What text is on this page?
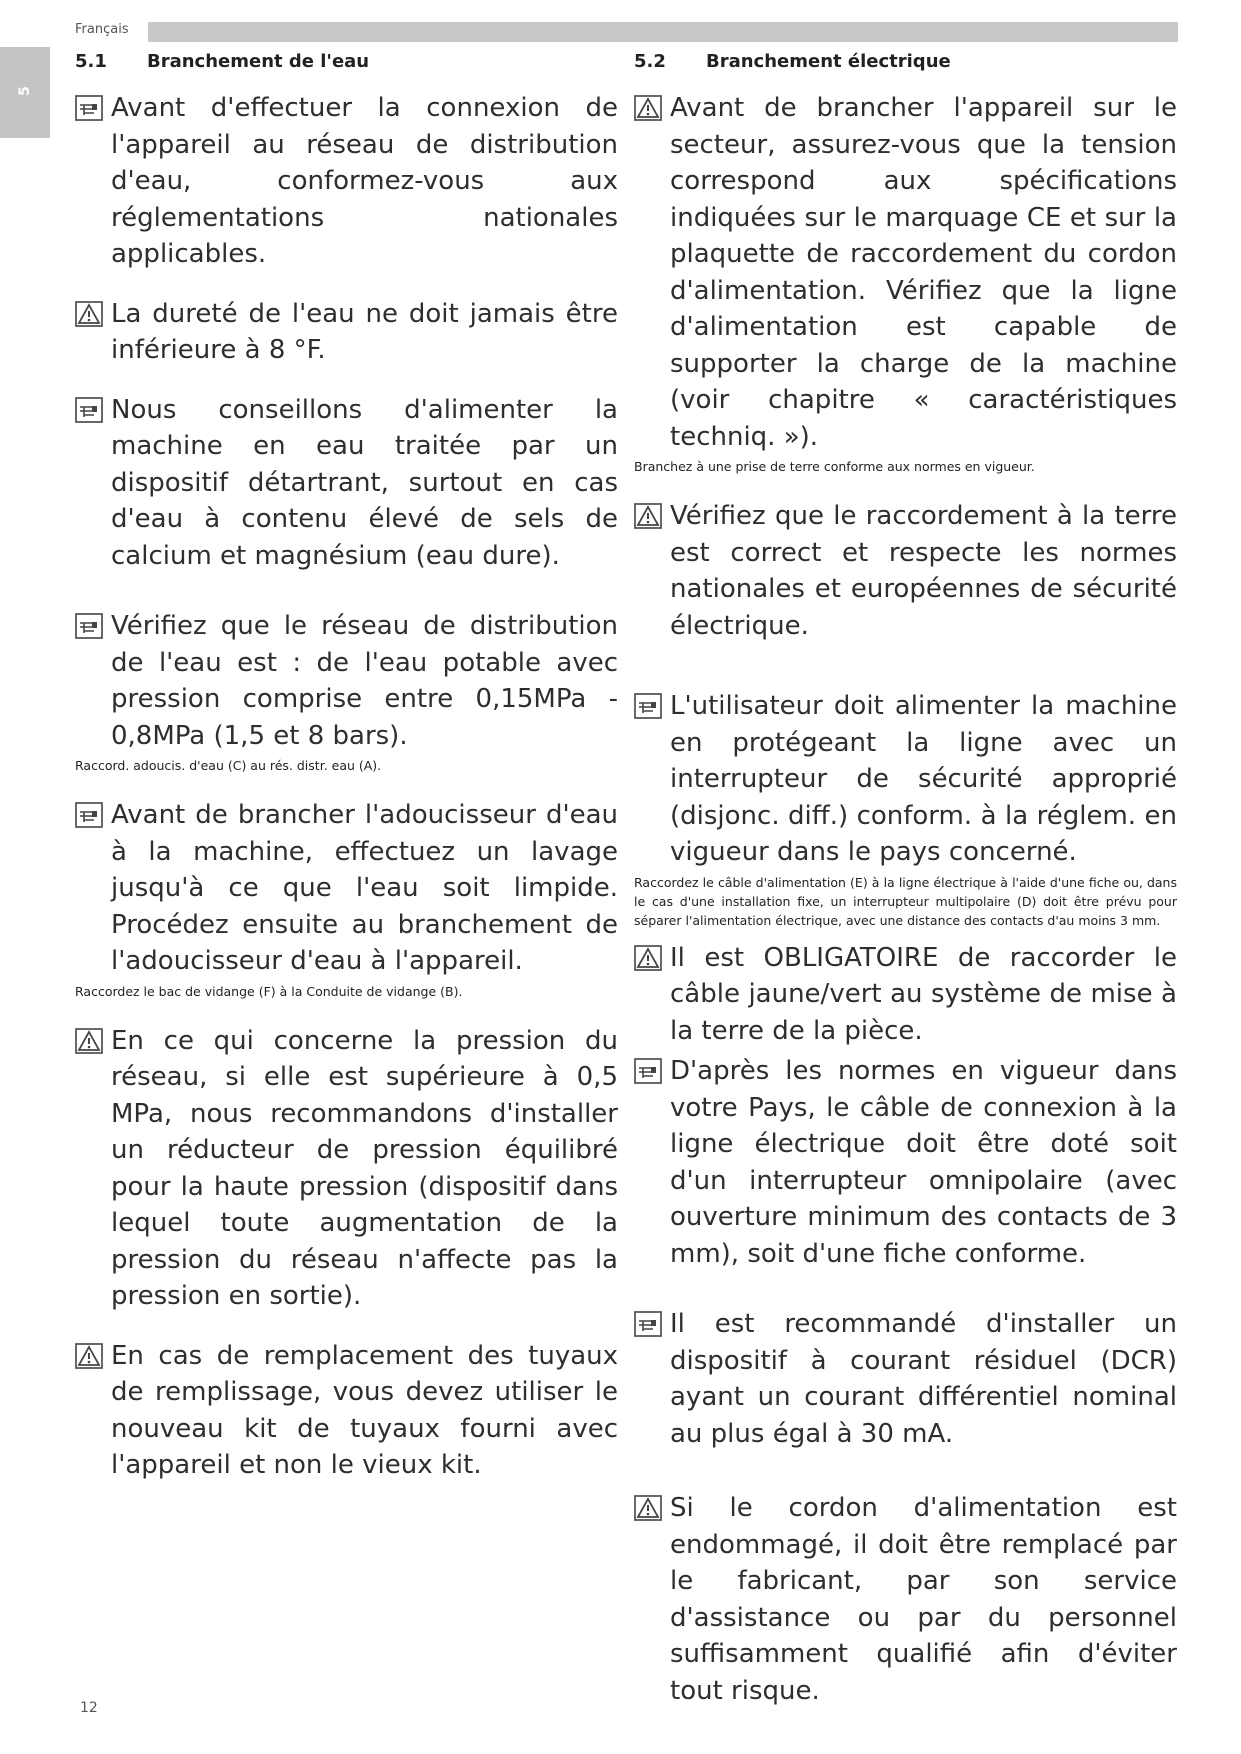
Français
5
5.1 Branchement de l'eau
Avant d'effectuer la connexion de l'appareil au réseau de distribution d'eau, conformez-vous aux réglementations nationales applicables.
La dureté de l'eau ne doit jamais être inférieure à 8 °F.
Nous conseillons d'alimenter la machine en eau traitée par un dispositif détartrant, surtout en cas d'eau à contenu élevé de sels de calcium et magnésium (eau dure).
Vérifiez que le réseau de distribution de l'eau est : de l'eau potable avec pression comprise entre 0,15MPa - 0,8MPa (1,5 et 8 bars).
Raccord. adoucis. d'eau (C) au rés. distr. eau (A).
Avant de brancher l'adoucisseur d'eau à la machine, effectuez un lavage jusqu'à ce que l'eau soit limpide. Procédez ensuite au branchement de l'adoucisseur d'eau à l'appareil.
Raccordez le bac de vidange (F) à la Conduite de vidange (B).
En ce qui concerne la pression du réseau, si elle est supérieure à 0,5 MPa, nous recommandons d'installer un réducteur de pression équilibré pour la haute pression (dispositif dans lequel toute augmentation de la pression du réseau n'affecte pas la pression en sortie).
En cas de remplacement des tuyaux de remplissage, vous devez utiliser le nouveau kit de tuyaux fourni avec l'appareil et non le vieux kit.
5.2 Branchement électrique
Avant de brancher l'appareil sur le secteur, assurez-vous que la tension correspond aux spécifications indiquées sur le marquage CE et sur la plaquette de raccordement du cordon d'alimentation. Vérifiez que la ligne d'alimentation est capable de supporter la charge de la machine (voir chapitre « caractéristiques techniq. »).
Branchez à une prise de terre conforme aux normes en vigueur.
Vérifiez que le raccordement à la terre est correct et respecte les normes nationales et européennes de sécurité électrique.
L'utilisateur doit alimenter la machine en protégeant la ligne avec un interrupteur de sécurité approprié (disjonc. diff.) conform. à la réglem. en vigueur dans le pays concerné.
Raccordez le câble d'alimentation (E) à la ligne électrique à l'aide d'une fiche ou, dans le cas d'une installation fixe, un interrupteur multipolaire (D) doit être prévu pour séparer l'alimentation électrique, avec une distance des contacts d'au moins 3 mm.
Il est OBLIGATOIRE de raccorder le câble jaune/vert au système de mise à la terre de la pièce.
D'après les normes en vigueur dans votre Pays, le câble de connexion à la ligne électrique doit être doté soit d'un interrupteur omnipolaire (avec ouverture minimum des contacts de 3 mm), soit d'une fiche conforme.
Il est recommandé d'installer un dispositif à courant résiduel (DCR) ayant un courant différentiel nominal au plus égal à 30 mA.
Si le cordon d'alimentation est endommagé, il doit être remplacé par le fabricant, par son service d'assistance ou par du personnel suffisamment qualifié afin d'éviter tout risque.
12
